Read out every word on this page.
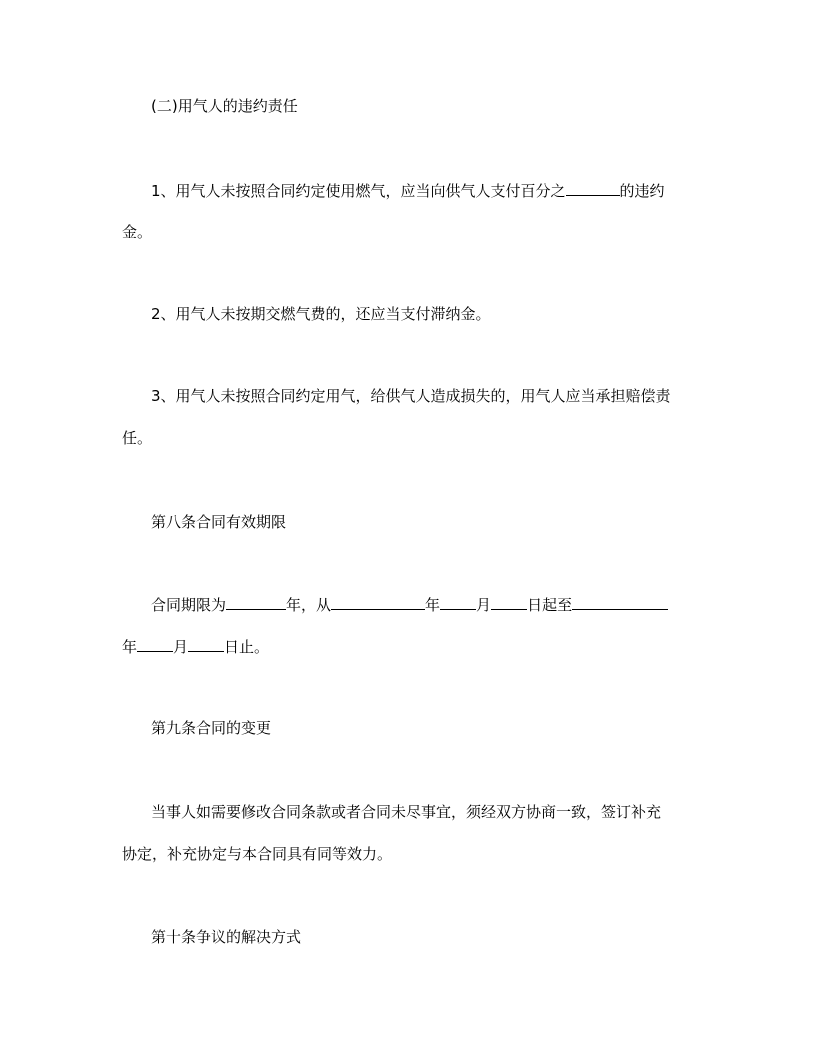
(二)用气人的违约责任
1、用气人未按照合同约定使用燃气，应当向供气人支付百分之	的违约
金。
2、用气人未按期交燃气费的，还应当支付滞纳金。
3、用气人未按照合同约定用气，给供气人造成损失的，用气人应当承担赔偿责
任。
第八条合同有效期限
合同期限为	年，从	年 月 日起至
年 月 日止。
第九条合同的变更
当事人如需要修改合同条款或者合同未尽事宜，须经双方协商一致，签订补充
协定，补充协定与本合同具有同等效力。
第十条争议的解决方式
